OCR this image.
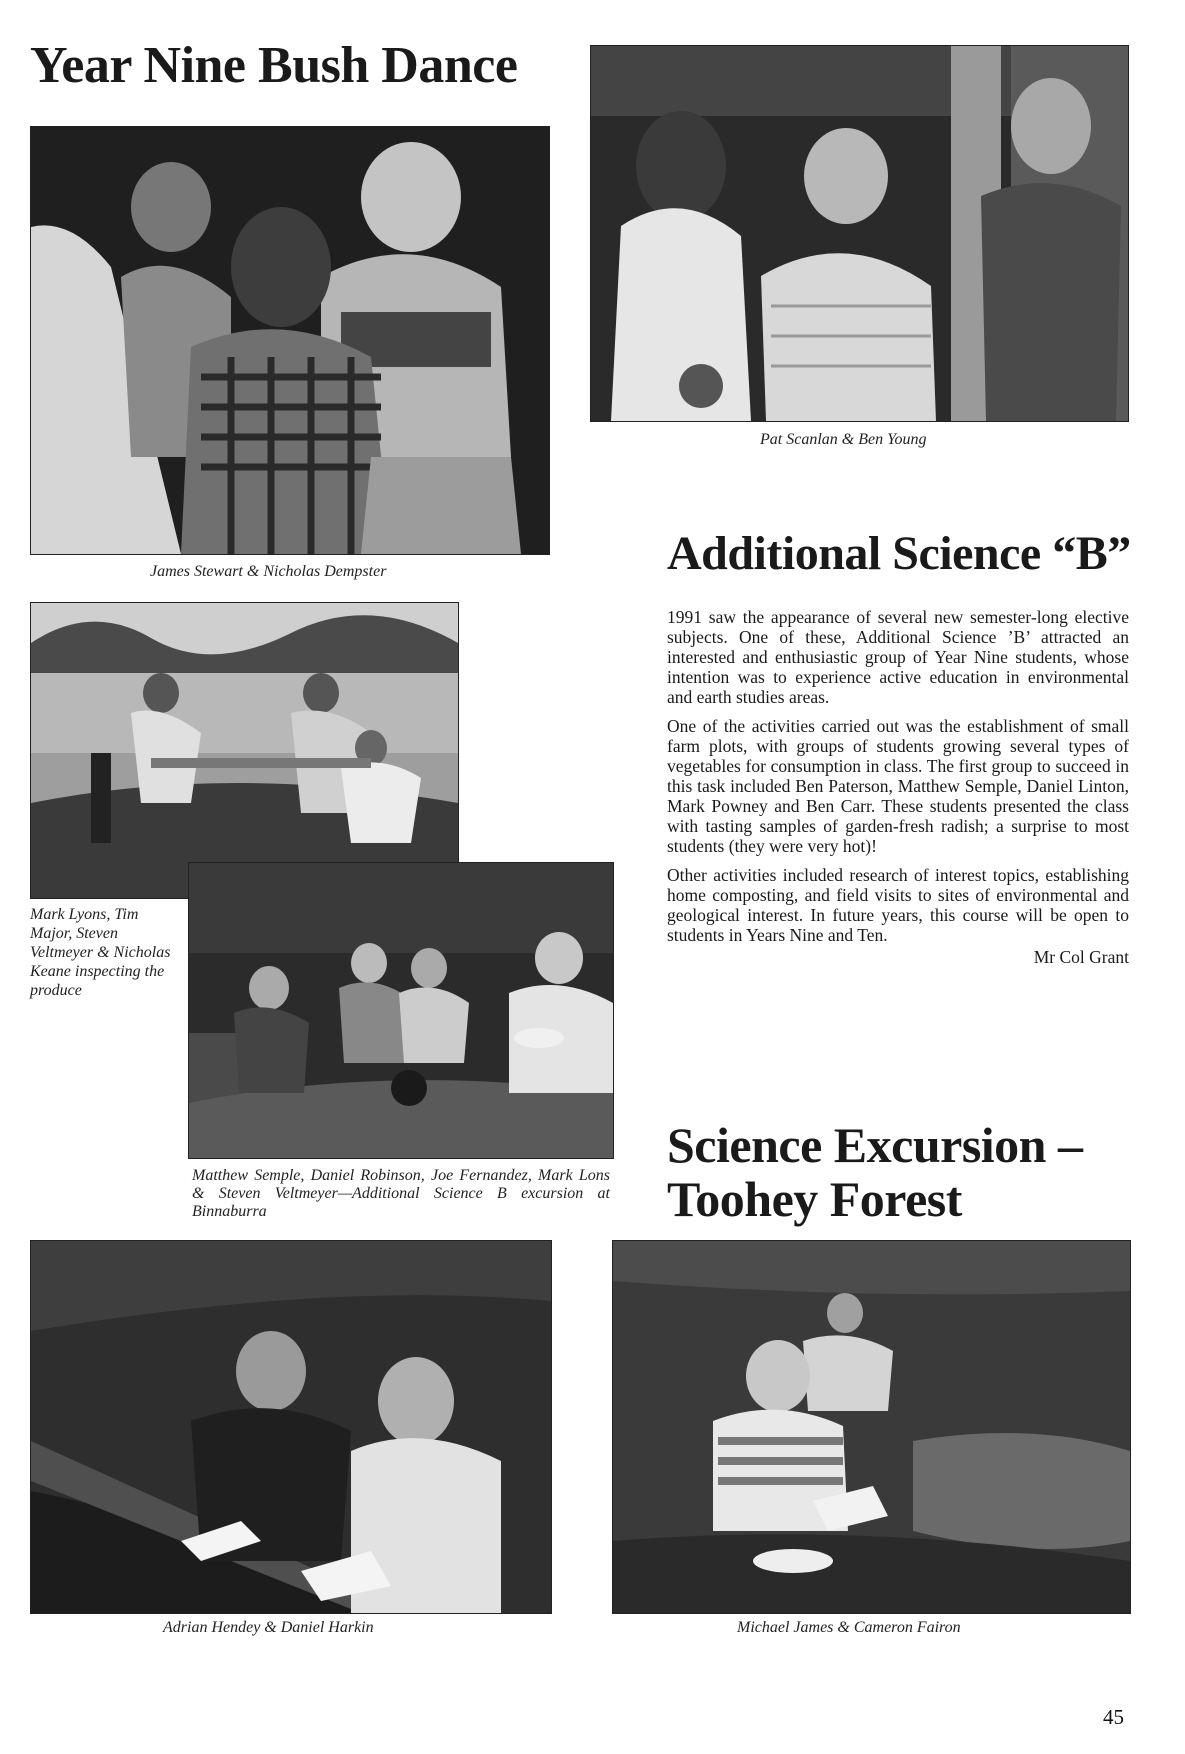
Year Nine Bush Dance
Pat Scanlan & Ben Young
James Stewart & Nicholas Dempster	Additional Science “B”
Mark Lyons, Tim Major, Steven Veltmeyer & Nicholas Keane inspecting the produce
Matthew Semple, Daniel Robinson, Joe Fernandez, Mark Lons & Steven Veltmeyer—Additional Science B excursion at Binnaburra

1991 saw the appearance of several new semester-long elective subjects. One of these, Additional Science ’B’ attracted an interested and enthusiastic group of Year Nine students, whose intention was to experience active education in environmental and earth studies areas.

One of the activities carried out was the establishment of small farm plots, with groups of students growing several types of vegetables for consumption in class. The first group to succeed in this task included Ben Paterson, Matthew Semple, Daniel Linton, Mark Powney and Ben Carr. These students presented the class with tasting samples of garden-fresh radish; a surprise to most students (they were very hot)!

Other activities included research of interest topics, establishing home composting, and field visits to sites of environmental and geological interest. In future years, this course will be open to students in Years Nine and Ten.

Mr Col Grant
Science Excursion –
Toohey Forest
Adrian Hendey & Daniel Harkin	Michael James & Cameron Fairon
45
